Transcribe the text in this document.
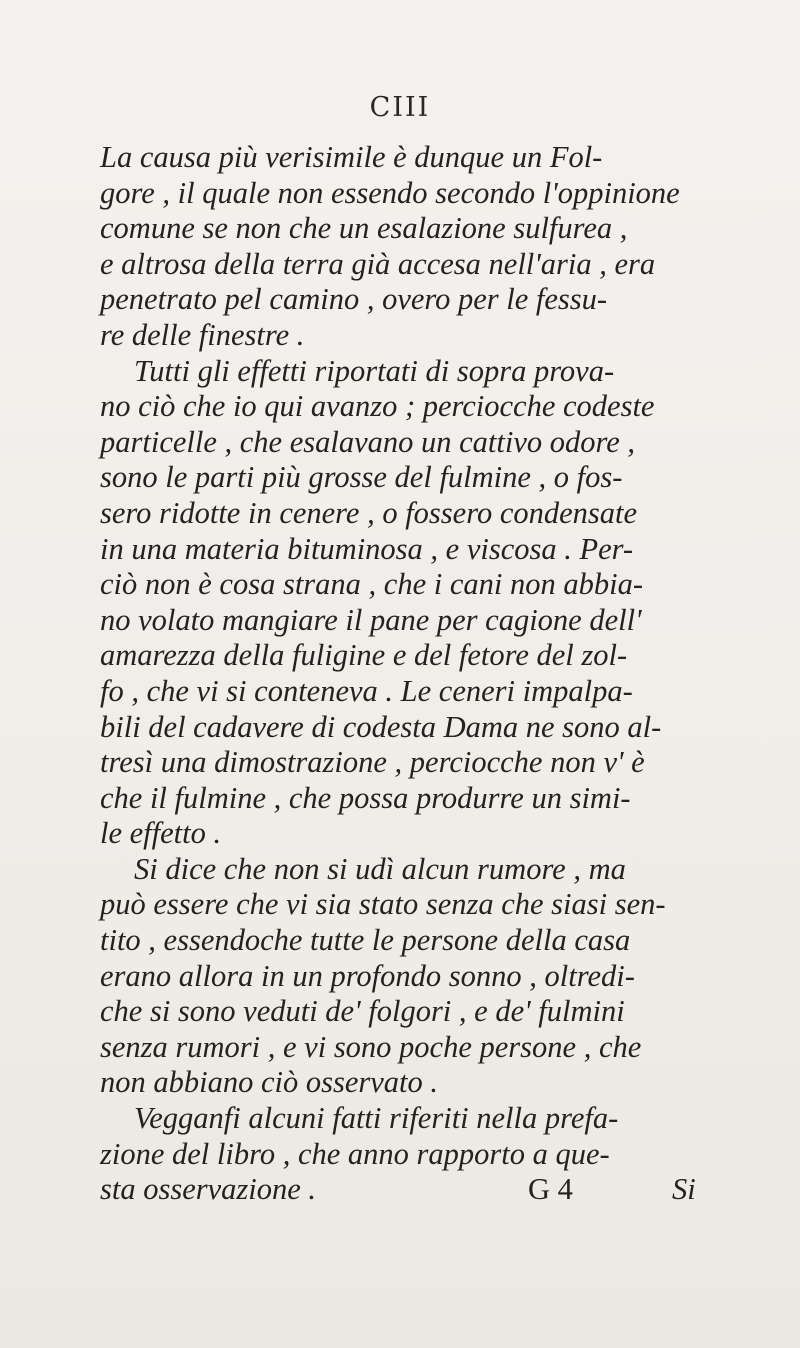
CIII
La causa più verisimile è dunque un Fol-
gore , il quale non essendo secondo l'oppinione
comune se non che un esalazione sulfurea ,
e altrosa della terra già accesa nell'aria , era
penetrato pel camino , overo per le fessu-
re delle finestre .
Tutti gli effetti riportati di sopra prova-
no ciò che io qui avanzo ; perciocche codeste
particelle , che esalavano un cattivo odore ,
sono le parti più grosse del fulmine , o fos-
sero ridotte in cenere , o fossero condensate
in una materia bituminosa , e viscosa . Per-
ciò non è cosa strana , che i cani non abbia-
no volato mangiare il pane per cagione dell'
amarezza della fuligine e del fetore del zol-
fo , che vi si conteneva . Le ceneri impalpa-
bili del cadavere di codesta Dama ne sono al-
tresì una dimostrazione , perciocche non v' è
che il fulmine , che possa produrre un simi-
le effetto .
Si dice che non si udì alcun rumore , ma
può essere che vi sia stato senza che siasi sen-
tito , essendoche tutte le persone della casa
erano allora in un profondo sonno , oltredi-
che si sono veduti de' folgori , e de' fulmini
senza rumori , e vi sono poche persone , che
non abbiano ciò osservato .
Vegganfi alcuni fatti riferiti nella prefa-
zione del libro , che anno rapporto a que-
sta osservazione .	G 4	Si
